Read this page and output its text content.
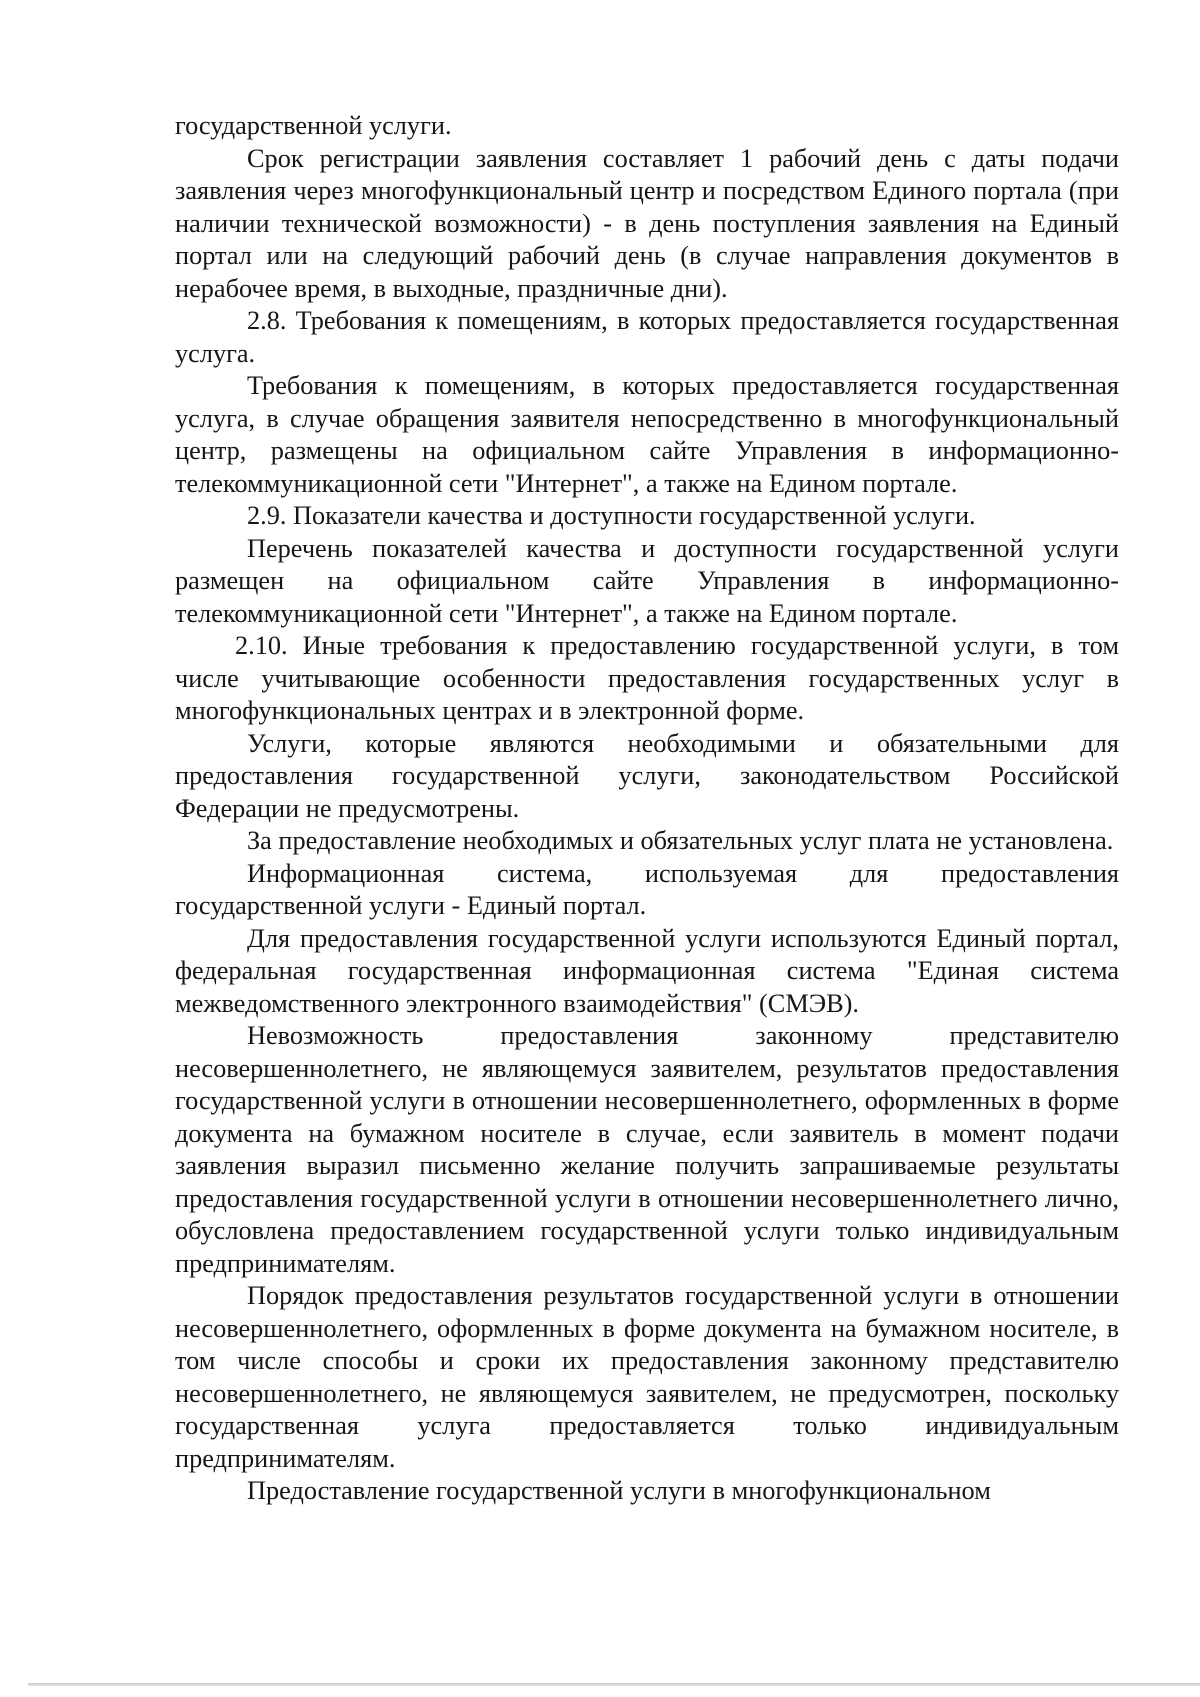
государственной услуги.

Срок регистрации заявления составляет 1 рабочий день с даты подачи заявления через многофункциональный центр и посредством Единого портала (при наличии технической возможности) - в день поступления заявления на Единый портал или на следующий рабочий день (в случае направления документов в нерабочее время, в выходные, праздничные дни).

2.8. Требования к помещениям, в которых предоставляется государственная услуга.

Требования к помещениям, в которых предоставляется государственная услуга, в случае обращения заявителя непосредственно в многофункциональный центр, размещены на официальном сайте Управления в информационно-телекоммуникационной сети "Интернет", а также на Едином портале.

2.9. Показатели качества и доступности государственной услуги.

Перечень показателей качества и доступности государственной услуги размещен на официальном сайте Управления в информационно-телекоммуникационной сети "Интернет", а также на Едином портале.

2.10. Иные требования к предоставлению государственной услуги, в том числе учитывающие особенности предоставления государственных услуг в многофункциональных центрах и в электронной форме.

Услуги, которые являются необходимыми и обязательными для предоставления государственной услуги, законодательством Российской Федерации не предусмотрены.

За предоставление необходимых и обязательных услуг плата не установлена.

Информационная система, используемая для предоставления государственной услуги - Единый портал.

Для предоставления государственной услуги используются Единый портал, федеральная государственная информационная система "Единая система межведомственного электронного взаимодействия" (СМЭВ).

Невозможность предоставления законному представителю несовершеннолетнего, не являющемуся заявителем, результатов предоставления государственной услуги в отношении несовершеннолетнего, оформленных в форме документа на бумажном носителе в случае, если заявитель в момент подачи заявления выразил письменно желание получить запрашиваемые результаты предоставления государственной услуги в отношении несовершеннолетнего лично, обусловлена предоставлением государственной услуги только индивидуальным предпринимателям.

Порядок предоставления результатов государственной услуги в отношении несовершеннолетнего, оформленных в форме документа на бумажном носителе, в том числе способы и сроки их предоставления законному представителю несовершеннолетнего, не являющемуся заявителем, не предусмотрен, поскольку государственная услуга предоставляется только индивидуальным предпринимателям.

Предоставление государственной услуги в многофункциональном
